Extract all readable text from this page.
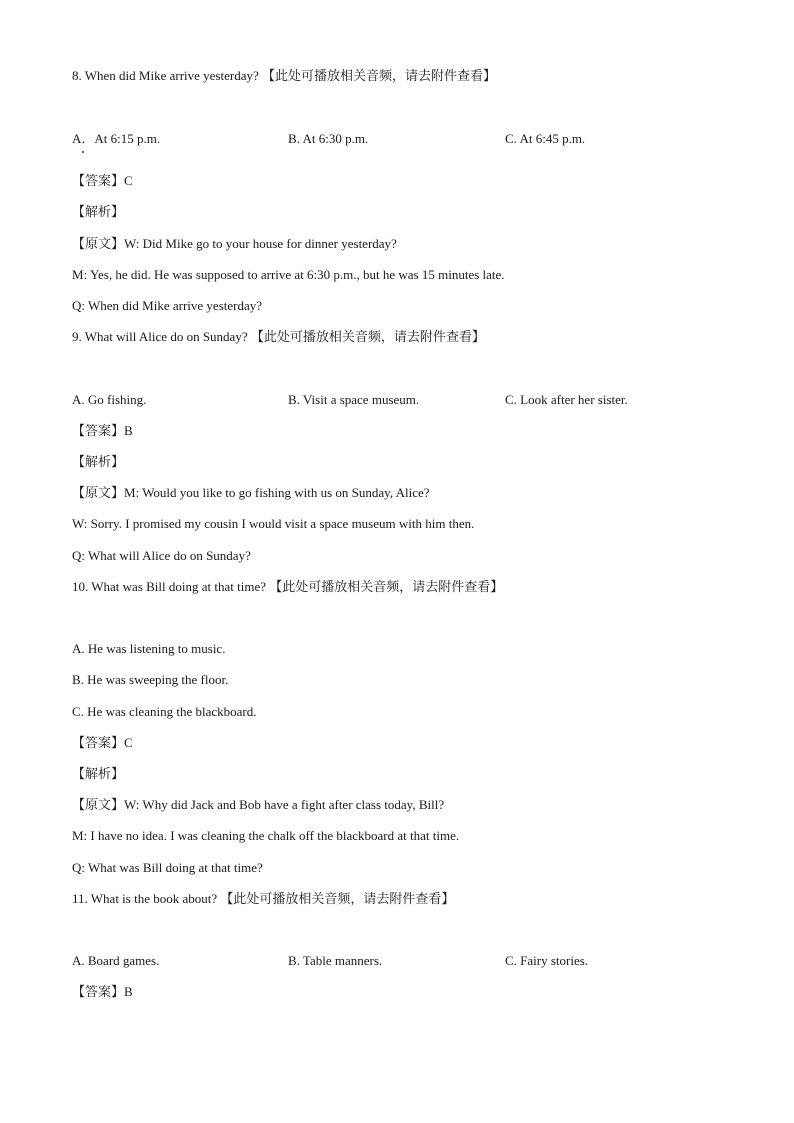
8. When did Mike arrive yesterday? 【此处可播放相关音频，请去附件查看】
A．At 6:15 p.m.	B. At 6:30 p.m.	C. At 6:45 p.m.
【答案】C
【解析】
【原文】W: Did Mike go to your house for dinner yesterday?
M: Yes, he did. He was supposed to arrive at 6:30 p.m., but he was 15 minutes late.
Q: When did Mike arrive yesterday?
9. What will Alice do on Sunday? 【此处可播放相关音频，请去附件查看】
A. Go fishing.	B. Visit a space museum.	C. Look after her sister.
【答案】B
【解析】
【原文】M: Would you like to go fishing with us on Sunday, Alice?
W: Sorry. I promised my cousin I would visit a space museum with him then.
Q: What will Alice do on Sunday?
10. What was Bill doing at that time? 【此处可播放相关音频，请去附件查看】
A. He was listening to music.
B. He was sweeping the floor.
C. He was cleaning the blackboard.
【答案】C
【解析】
【原文】W: Why did Jack and Bob have a fight after class today, Bill?
M: I have no idea. I was cleaning the chalk off the blackboard at that time.
Q: What was Bill doing at that time?
11. What is the book about? 【此处可播放相关音频，请去附件查看】
A. Board games.	B. Table manners.	C. Fairy stories.
【答案】B
